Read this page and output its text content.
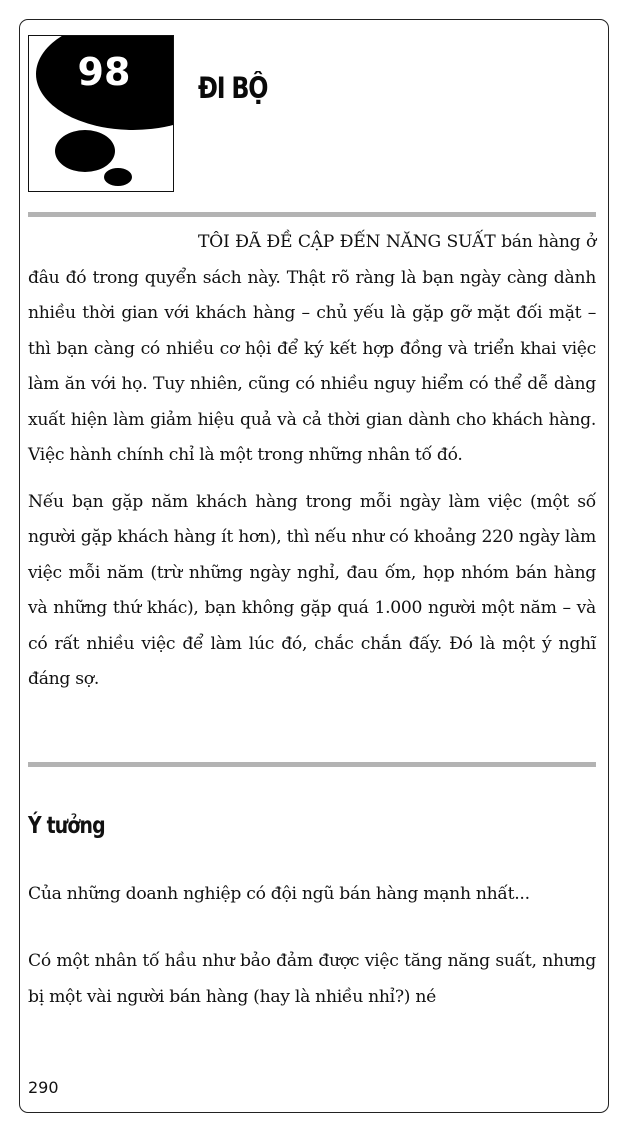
98	ĐI BỘ

TÔI ĐÃ ĐỀ CẬP ĐẾN NĂNG SUẤT bán hàng ở đâu đó trong quyển sách này. Thật rõ ràng là bạn ngày càng dành nhiều thời gian với khách hàng – chủ yếu là gặp gỡ mặt đối mặt – thì bạn càng có nhiều cơ hội để ký kết hợp đồng và triển khai việc làm ăn với họ. Tuy nhiên, cũng có nhiều nguy hiểm có thể dễ dàng xuất hiện làm giảm hiệu quả và cả thời gian dành cho khách hàng. Việc hành chính chỉ là một trong những nhân tố đó.

Nếu bạn gặp năm khách hàng trong mỗi ngày làm việc (một số người gặp khách hàng ít hơn), thì nếu như có khoảng 220 ngày làm việc mỗi năm (trừ những ngày nghỉ, đau ốm, họp nhóm bán hàng và những thứ khác), bạn không gặp quá 1.000 người một năm – và có rất nhiều việc để làm lúc đó, chắc chắn đấy. Đó là một ý nghĩ đáng sợ.

Ý tưởng
Của những doanh nghiệp có đội ngũ bán hàng mạnh nhất...

Có một nhân tố hầu như bảo đảm được việc tăng năng suất, nhưng bị một vài người bán hàng (hay là nhiều nhỉ?) né

290
